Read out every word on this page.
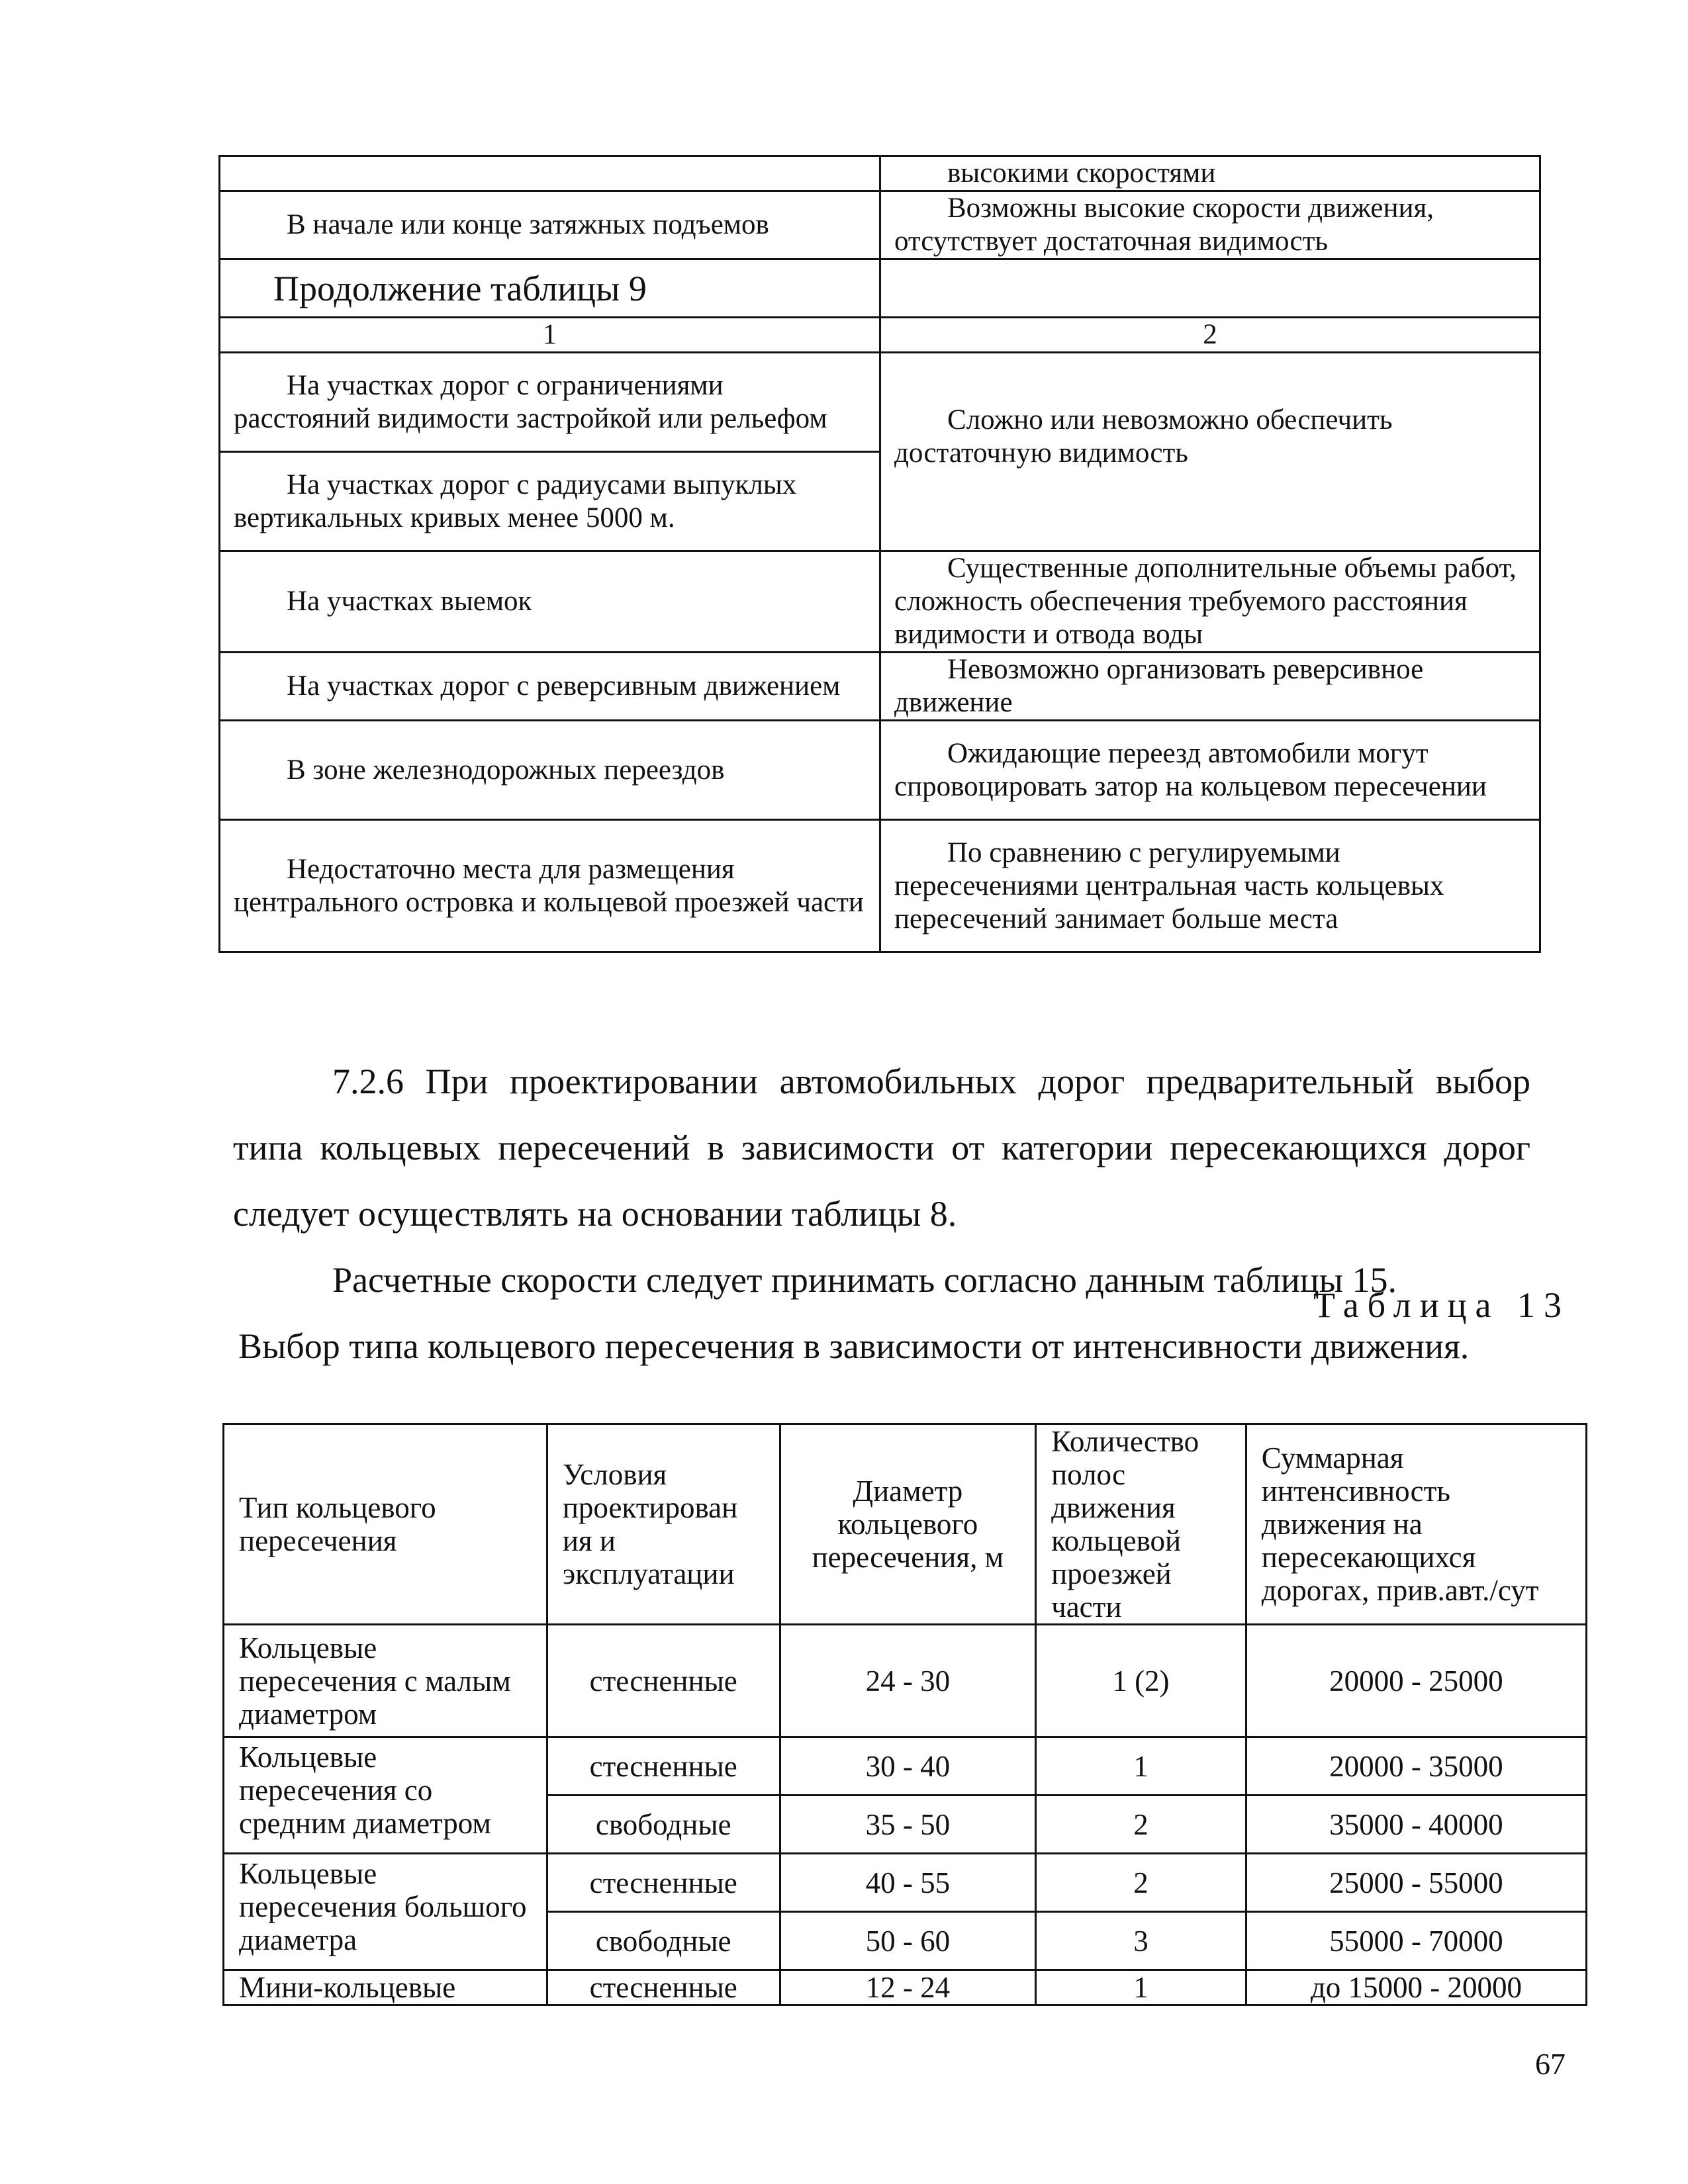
	высокими скоростями
В начале или конце затяжных подъемов	Возможны высокие скорости движения, отсутствует достаточная видимость
Продолжение таблицы 9	
1	2
На участках дорог с ограничениями расстояний видимости застройкой или рельефом	Сложно или невозможно обеспечить достаточную видимость
На участках дорог с радиусами выпуклых вертикальных кривых менее 5000 м.	
На участках выемок	Существенные дополнительные объемы работ, сложность обеспечения требуемого расстояния видимости и отвода воды
На участках дорог с реверсивным движением	Невозможно организовать реверсивное движение
В зоне железнодорожных переездов	Ожидающие переезд автомобили могут спровоцировать затор на кольцевом пересечении
Недостаточно места для размещения центрального островка и кольцевой проезжей части	По сравнению с регулируемыми пересечениями центральная часть кольцевых пересечений занимает больше места

7.2.6 При проектировании автомобильных дорог предварительный выбор типа кольцевых пересечений в зависимости от категории пересекающихся дорог следует осуществлять на основании таблицы 8.

Расчетные скорости следует принимать согласно данным таблицы 15.

Таблица 13
Выбор типа кольцевого пересечения в зависимости от интенсивности движения.
Тип кольцевого пересечения	Условия проектирован ия и эксплуатации	Диаметр кольцевого пересечения, м	Количество полос движения кольцевой проезжей части	Суммарная интенсивность движения на пересекающихся дорогах, прив.авт./сут
Кольцевые пересечения с малым диаметром	стесненные	24 - 30	1 (2)	20000 - 25000
Кольцевые пересечения со средним диаметром	стесненные	30 - 40	1	20000 - 35000
	свободные	35 - 50	2	35000 - 40000
Кольцевые пересечения большого диаметра	стесненные	40 - 55	2	25000 - 55000
	свободные	50 - 60	3	55000 - 70000
Мини-кольцевые	стесненные	12 - 24	1	до 15000 - 20000
67
